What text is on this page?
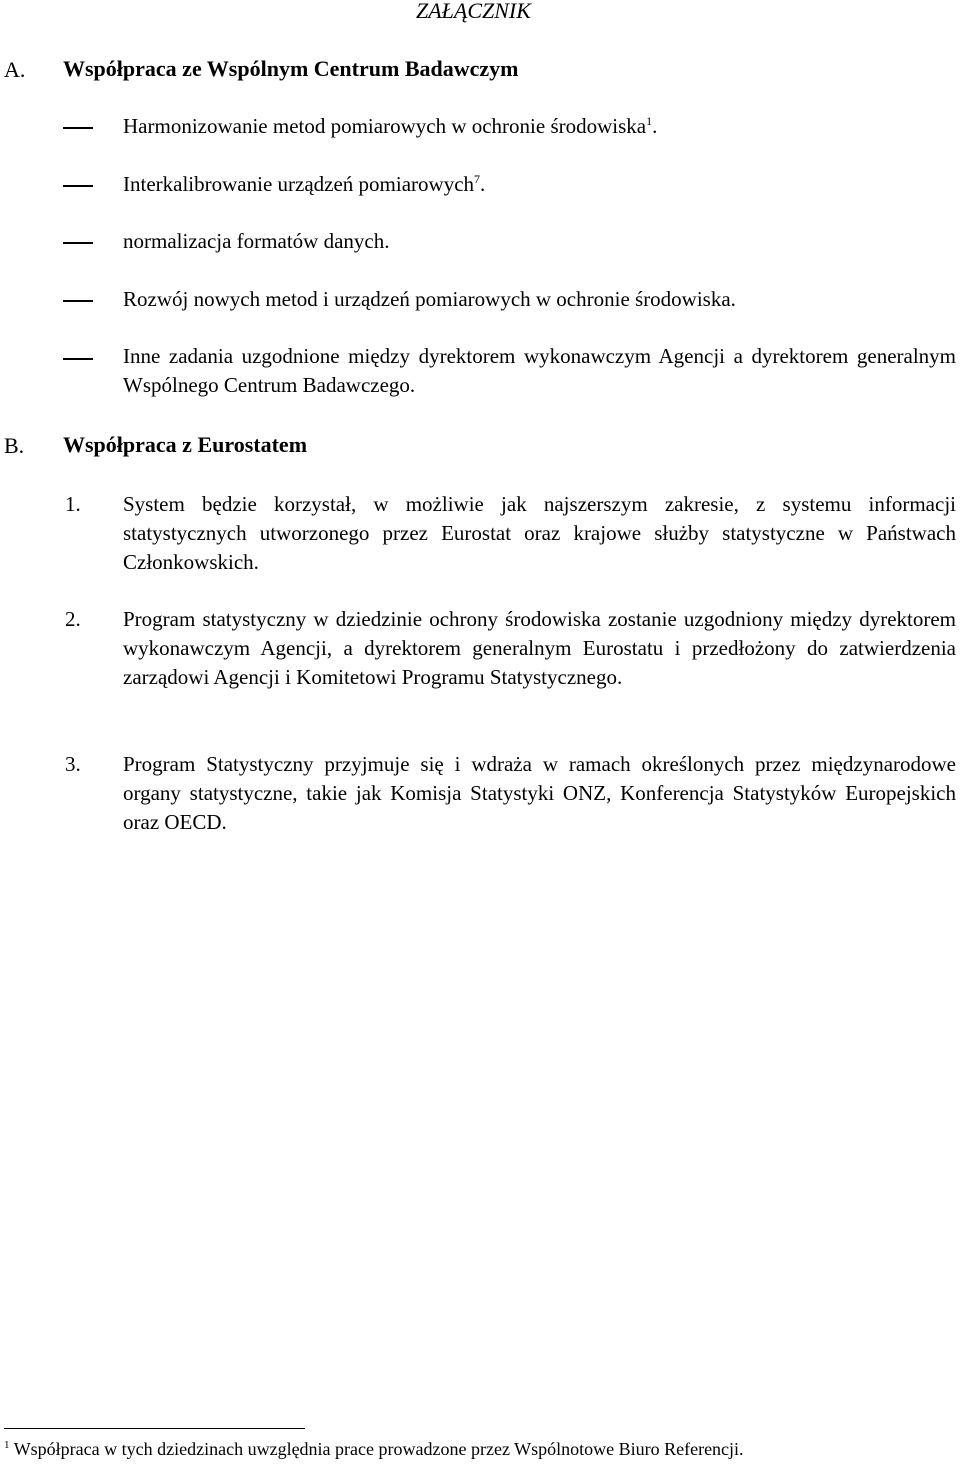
ZAŁĄCZNIK
A. Współpraca ze Wspólnym Centrum Badawczym
Harmonizowanie metod pomiarowych w ochronie środowiska$^1$.
Interkalibrowanie urządzeń pomiarowych$^7$.
normalizacja formatów danych.
Rozwój nowych metod i urządzeń pomiarowych w ochronie środowiska.
Inne zadania uzgodnione między dyrektorem wykonawczym Agencji a dyrektorem generalnym Wspólnego Centrum Badawczego.
B. Współpraca z Eurostatem
1. System będzie korzystał, w możliwie jak najszerszym zakresie, z systemu informacji statystycznych utworzonego przez Eurostat oraz krajowe służby statystyczne w Państwach Członkowskich.
2. Program statystyczny w dziedzinie ochrony środowiska zostanie uzgodniony między dyrektorem wykonawczym Agencji, a dyrektorem generalnym Eurostatu i przedłożony do zatwierdzenia zarządowi Agencji i Komitetowi Programu Statystycznego.
3. Program Statystyczny przyjmuje się i wdraża w ramach określonych przez międzynarodowe organy statystyczne, takie jak Komisja Statystyki ONZ, Konferencja Statystyków Europejskich oraz OECD.
$^1$ Współpraca w tych dziedzinach uwzględnia prace prowadzone przez Wspólnotowe Biuro Referencji.
